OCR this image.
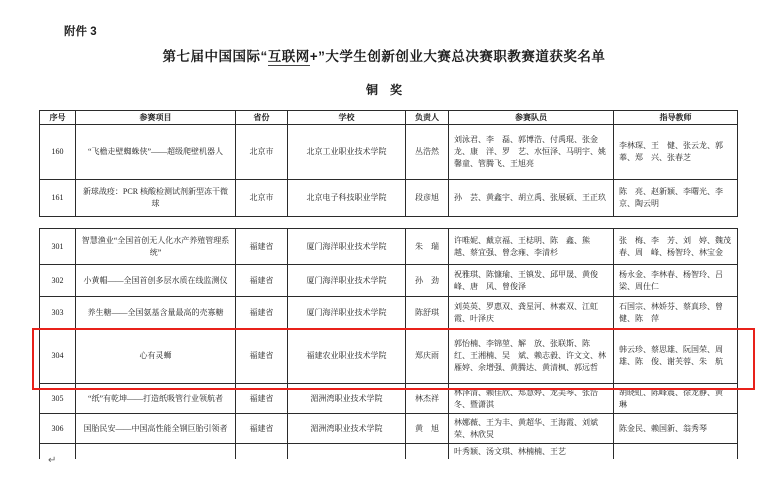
附件 3
第七届中国国际“互联网+”大学生创新创业大赛总决赛职教赛道获奖名单
铜　奖
序号	参赛项目	省份	学校	负责人	参赛队员	指导教师
160	“飞檐走壁蜘蛛侠”——超级爬壁机器人	北京市	北京工业职业技术学院	丛浩然	刘泳君、李　磊、郭博浩、付禹琨、张金龙、康　洋、罗　艺、水恒泽、马明宇、姚馨童、管腾飞、王旭亮	李林琛、王　健、张云龙、郭　菶、郑　兴、张春芝
161	新球战疫：PCR 核酸检测试剂新型冻干微球	北京市	北京电子科技职业学院	段彦旭	孙　芸、黄鑫宇、胡立禹、张展硕、王正玖	陈　亮、赵新颖、李曙光、李　京、陶云明
301	智慧渔业“全国首创无人化水产养殖管理系统”	福建省	厦门海洋职业技术学院	朱　瑞	许唯妮、戴京福、王梽明、陈　鑫、熊　越、蔡宜强、曾念雍、李清杉	张　梅、李　芳、刘　婷、魏茂春、周　峰、杨智玲、林宝金
302	小黄帽——全国首创多层水质在线监测仪	福建省	厦门海洋职业技术学院	孙　劲	祝雅琪、陈慷瑜、王镇发、邱甲晟、黄俊峰、唐　风、曾俊泽	杨永金、李林春、杨智玲、吕　梁、周仕仁
303	养生糖——全国氨基含量最高的壳寡糖	福建省	厦门海洋职业技术学院	陈舒琪	刘英英、罗惠双、龚星河、林素双、江虹霞、叶泽庆	石国宗、林娇芬、蔡真珍、曾　健、陈　萍
304	心有灵蛳	福建省	福建农业职业技术学院	郑庆雨	郭怡楠、李锦堃、解　放、张联斯、陈　红、王湘楠、吴　斌、赖志毅、许文文、林雁婷、余增强、黄腾达、黄清枫、郭远哲	韩云珍、蔡思雄、阮国荣、周　雄、陈　俊、谢芙蓉、朱　航
305	“纸”有乾坤——打造纸吸管行业领航者	福建省	湄洲湾职业技术学院	林杰祥	林泽清、赖佳欣、郑慧婷、龙美琴、张浩冬、暨潇淇	胡晓虹、陈峰震、徐龙静、黄　琳
306	国胎民安——中国高性能全钢巨胎引领者	福建省	湄洲湾职业技术学院	黄　旭	林娜薇、王为丰、黄超华、王海霞、刘斌荣、林欣炅	陈金民、赖国新、翁秀琴
					叶秀颖、汤文琪、林楠楠、王艺	
↵
